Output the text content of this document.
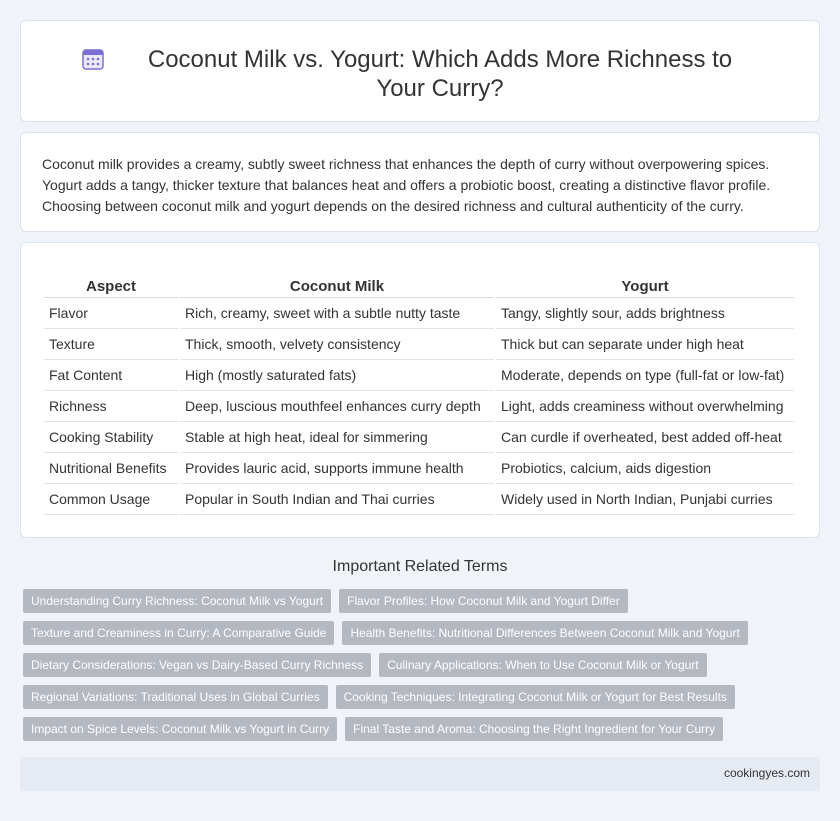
Coconut Milk vs. Yogurt: Which Adds More Richness to Your Curry?

Coconut milk provides a creamy, subtly sweet richness that enhances the depth of curry without overpowering spices. Yogurt adds a tangy, thicker texture that balances heat and offers a probiotic boost, creating a distinctive flavor profile. Choosing between coconut milk and yogurt depends on the desired richness and cultural authenticity of the curry.

Aspect	Coconut Milk	Yogurt
Flavor	Rich, creamy, sweet with a subtle nutty taste	Tangy, slightly sour, adds brightness
Texture	Thick, smooth, velvety consistency	Thick but can separate under high heat
Fat Content	High (mostly saturated fats)	Moderate, depends on type (full-fat or low-fat)
Richness	Deep, luscious mouthfeel enhances curry depth	Light, adds creaminess without overwhelming
Cooking Stability	Stable at high heat, ideal for simmering	Can curdle if overheated, best added off-heat
Nutritional Benefits	Provides lauric acid, supports immune health	Probiotics, calcium, aids digestion
Common Usage	Popular in South Indian and Thai curries	Widely used in North Indian, Punjabi curries
Important Related Terms
Understanding Curry Richness: Coconut Milk vs Yogurt	Flavor Profiles: How Coconut Milk and Yogurt Differ
Texture and Creaminess in Curry: A Comparative Guide	Health Benefits: Nutritional Differences Between Coconut Milk and Yogurt
Dietary Considerations: Vegan vs Dairy-Based Curry Richness	Culinary Applications: When to Use Coconut Milk or Yogurt
Regional Variations: Traditional Uses in Global Curries	Cooking Techniques: Integrating Coconut Milk or Yogurt for Best Results
Impact on Spice Levels: Coconut Milk vs Yogurt in Curry	Final Taste and Aroma: Choosing the Right Ingredient for Your Curry
cookingyes.com
